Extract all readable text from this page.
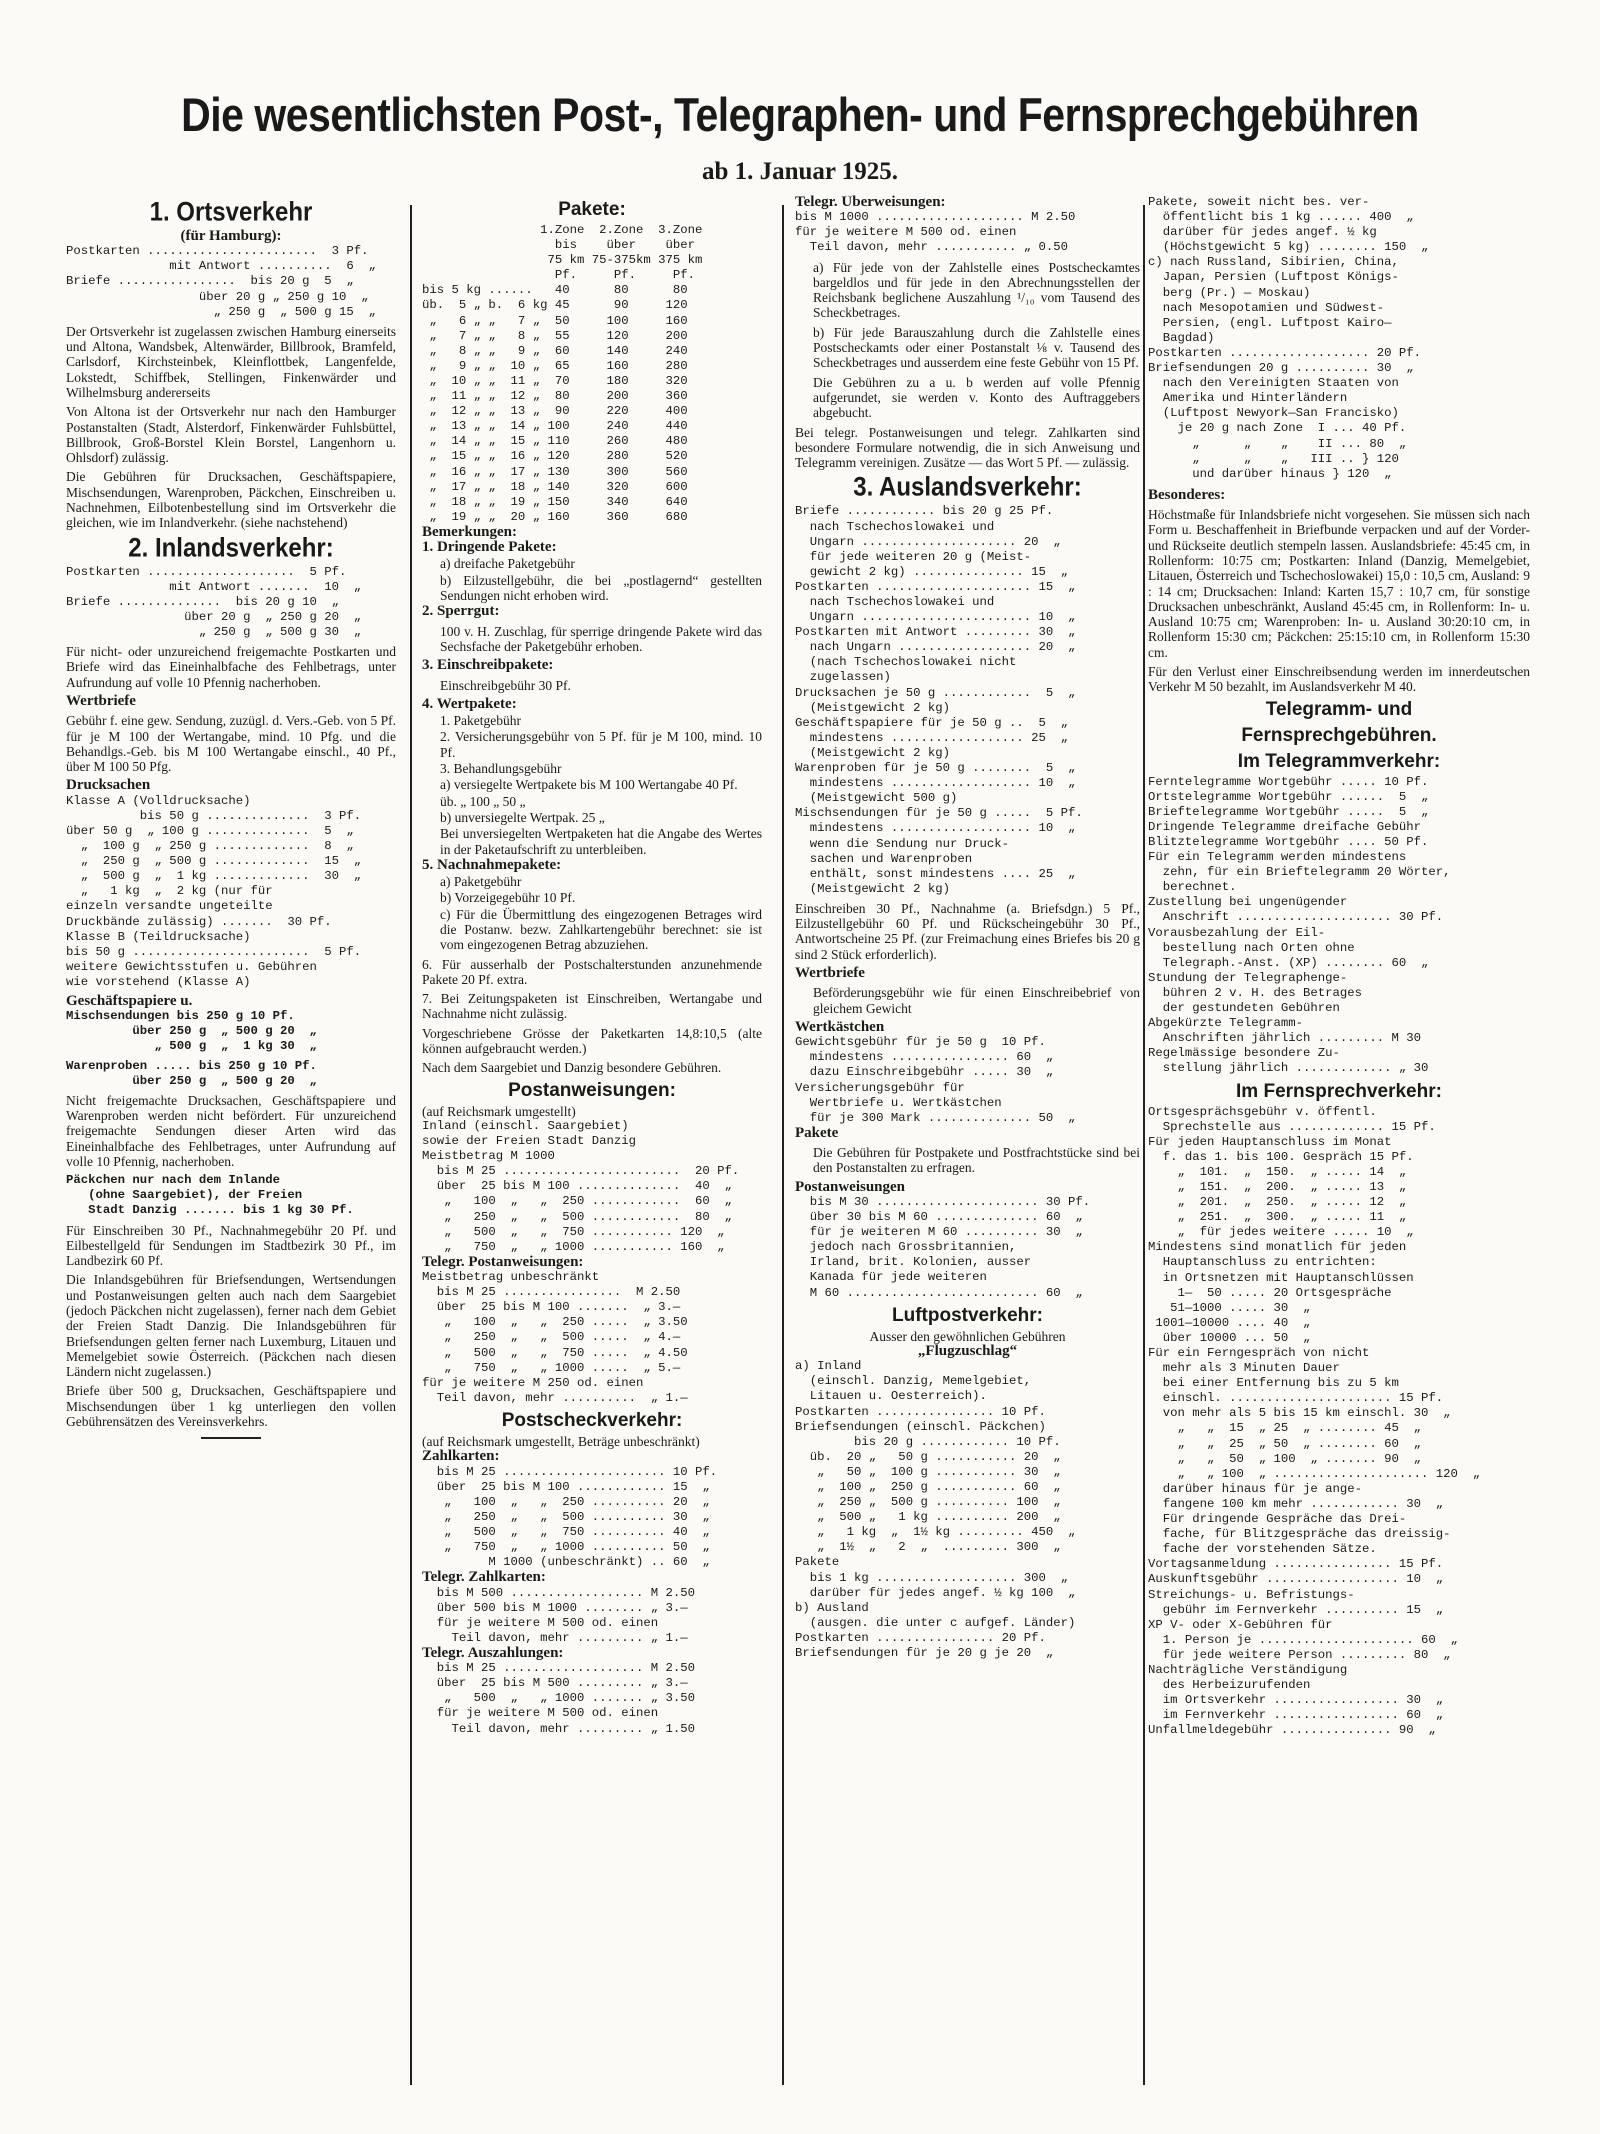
Die wesentlichsten Post-, Telegraphen- und Fernsprechgebühren
ab 1. Januar 1925.
1. Ortsverkehr
(für Hamburg):
Postkarten .......................  3 Pf.
mit Antwort ..........  6  „
Briefe ................  bis 20 g  5  „
über 20 g „ 250 g 10  „
„ 250 g  „ 500 g 15  „
Der Ortsverkehr ist zugelassen zwischen Hamburg einerseits und Altona, Wandsbek, Altenwärder, Billbrook, Bramfeld, Carlsdorf, Kirchsteinbek, Kleinflottbek, Langenfelde, Lokstedt, Schiffbek, Stellingen, Finkenwärder und Wilhelmsburg andererseits
Von Altona ist der Ortsverkehr nur nach den Hamburger Postanstalten (Stadt, Alsterdorf, Finkenwärder Fuhlsbüttel, Billbrook, Groß-Borstel Klein Borstel, Langenhorn u. Ohlsdorf) zulässig.
Die Gebühren für Drucksachen, Geschäftspapiere, Mischsendungen, Warenproben, Päckchen, Einschreiben u. Nachnehmen, Eilbotenbestellung sind im Ortsverkehr die gleichen, wie im Inlandverkehr. (siehe nachstehend)
2. Inlandsverkehr:
Postkarten ....................  5 Pf.
mit Antwort .......  10  „
Briefe ..............  bis 20 g 10  „
über 20 g  „ 250 g 20  „
„ 250 g  „ 500 g 30  „
Für nicht- oder unzureichend freigemachte Postkarten und Briefe wird das Eineinhalbfache des Fehlbetrags, unter Aufrundung auf volle 10 Pfennig nacherhoben.
Wertbriefe
Gebühr f. eine gew. Sendung, zuzügl. d. Vers.-Geb. von 5 Pf. für je M 100 der Wertangabe, mind. 10 Pfg. und die Behandlgs.-Geb. bis M 100 Wertangabe einschl., 40 Pf., über M 100 50 Pfg.
Drucksachen
Klasse A (Volldrucksache)
bis 50 g ..............  3 Pf.
über 50 g  „ 100 g ..............  5  „
„  100 g  „ 250 g .............  8  „
„  250 g  „ 500 g .............  15  „
„  500 g  „  1 kg .............  30  „
„   1 kg  „  2 kg (nur für
einzeln versandte ungeteilte
Druckbände zulässig) .......  30 Pf.
Klasse B (Teildrucksache)
bis 50 g ........................  5 Pf.
weitere Gewichtsstufen u. Gebühren
wie vorstehend (Klasse A)
Geschäftspapiere u.
Mischsendungen bis 250 g 10 Pf.
über 250 g  „ 500 g 20  „
„ 500 g  „  1 kg 30  „
Warenproben ..... bis 250 g 10 Pf.
über 250 g  „ 500 g 20  „
Nicht freigemachte Drucksachen, Geschäftspapiere und Warenproben werden nicht befördert. Für unzureichend freigemachte Sendungen dieser Arten wird das Eineinhalbfache des Fehlbetrages, unter Aufrundung auf volle 10 Pfennig, nacherhoben.
Päckchen nur nach dem Inlande
(ohne Saargebiet), der Freien
Stadt Danzig ....... bis 1 kg 30 Pf.
Für Einschreiben 30 Pf., Nachnahmegebühr 20 Pf. und Eilbestellgeld für Sendungen im Stadtbezirk 30 Pf., im Landbezirk 60 Pf.
Die Inlandsgebühren für Briefsendungen, Wertsendungen und Postanweisungen gelten auch nach dem Saargebiet (jedoch Päckchen nicht zugelassen), ferner nach dem Gebiet der Freien Stadt Danzig. Die Inlandsgebühren für Briefsendungen gelten ferner nach Luxemburg, Litauen und Memelgebiet sowie Österreich. (Päckchen nach diesen Ländern nicht zugelassen.)
Briefe über 500 g, Drucksachen, Geschäftspapiere und Mischsendungen über 1 kg unterliegen den vollen Gebührensätzen des Vereinsverkehrs.
Pakete:
1.Zone  2.Zone  3.Zone
bis    über    über
75 km 75-375km 375 km
Pf.     Pf.     Pf.
bis 5 kg ......   40      80      80
üb.  5 „ b.  6 kg 45      90     120
„   6 „ „   7 „  50     100     160
„   7 „ „   8 „  55     120     200
„   8 „ „   9 „  60     140     240
„   9 „ „  10 „  65     160     280
„  10 „ „  11 „  70     180     320
„  11 „ „  12 „  80     200     360
„  12 „ „  13 „  90     220     400
„  13 „ „  14 „ 100     240     440
„  14 „ „  15 „ 110     260     480
„  15 „ „  16 „ 120     280     520
„  16 „ „  17 „ 130     300     560
„  17 „ „  18 „ 140     320     600
„  18 „ „  19 „ 150     340     640
„  19 „ „  20 „ 160     360     680
Bemerkungen:
1. Dringende Pakete:
a) dreifache Paketgebühr
b) Eilzustellgebühr, die bei „postlagernd“ gestellten Sendungen nicht erhoben wird.
2. Sperrgut:
100 v. H. Zuschlag, für sperrige dringende Pakete wird das Sechsfache der Paketgebühr erhoben.
3. Einschreibpakete:
Einschreibgebühr 30 Pf.
4. Wertpakete:
1. Paketgebühr
2. Versicherungsgebühr von 5 Pf. für je M 100, mind. 10 Pf.
3. Behandlungsgebühr
a) versiegelte Wertpakete bis M 100 Wertangabe 40 Pf.
üb. „ 100 „ 50 „
b) unversiegelte Wertpak. 25 „
Bei unversiegelten Wertpaketen hat die Angabe des Wertes in der Paketaufschrift zu unterbleiben.
5. Nachnahmepakete:
a) Paketgebühr
b) Vorzeigegebühr 10 Pf.
c) Für die Übermittlung des eingezogenen Betrages wird die Postanw. bezw. Zahlkartengebühr berechnet: sie ist vom eingezogenen Betrag abzuziehen.
6. Für ausserhalb der Postschalterstunden anzunehmende Pakete 20 Pf. extra.
7. Bei Zeitungspaketen ist Einschreiben, Wertangabe und Nachnahme nicht zulässig.
Vorgeschriebene Grösse der Paketkarten 14,8:10,5 (alte können aufgebraucht werden.)
Nach dem Saargebiet und Danzig besondere Gebühren.
Postanweisungen:
(auf Reichsmark umgestellt)
Inland (einschl. Saargebiet)
sowie der Freien Stadt Danzig
Meistbetrag M 1000
bis M 25 ........................  20 Pf.
über  25 bis M 100 ..............  40  „
„   100  „   „  250 ............  60  „
„   250  „   „  500 ............  80  „
„   500  „   „  750 ........... 120  „
„   750  „   „ 1000 ........... 160  „
Telegr. Postanweisungen:
Meistbetrag unbeschränkt
bis M 25 ................  M 2.50
über  25 bis M 100 .......  „ 3.—
„   100  „   „  250 .....  „ 3.50
„   250  „   „  500 .....  „ 4.—
„   500  „   „  750 .....  „ 4.50
„   750  „   „ 1000 .....  „ 5.—
für je weitere M 250 od. einen
Teil davon, mehr ..........  „ 1.—
Postscheckverkehr:
(auf Reichsmark umgestellt, Beträge unbeschränkt)
Zahlkarten:
bis M 25 ...................... 10 Pf.
über  25 bis M 100 ............ 15  „
„   100  „   „  250 .......... 20  „
„   250  „   „  500 .......... 30  „
„   500  „   „  750 .......... 40  „
„   750  „   „ 1000 .......... 50  „
M 1000 (unbeschränkt) .. 60  „
Telegr. Zahlkarten:
bis M 500 .................. M 2.50
über 500 bis M 1000 ........ „ 3.—
für je weitere M 500 od. einen
Teil davon, mehr ......... „ 1.—
Telegr. Auszahlungen:
bis M 25 ................... M 2.50
über  25 bis M 500 ......... „ 3.—
„   500  „   „ 1000 ....... „ 3.50
für je weitere M 500 od. einen
Teil davon, mehr ......... „ 1.50
Telegr. Überweisungen:
bis M 1000 .................... M 2.50
für je weitere M 500 od. einen
Teil davon, mehr ........... „ 0.50
a) Für jede von der Zahlstelle eines Postscheckamtes bargeldlos und für jede in den Abrechnungsstellen der Reichsbank beglichene Auszahlung ¹/₁₀ vom Tausend des Scheckbetrages.
b) Für jede Barauszahlung durch die Zahlstelle eines Postscheckamts oder einer Postanstalt ⅛ v. Tausend des Scheckbetrages und ausserdem eine feste Gebühr von 15 Pf.
Die Gebühren zu a u. b werden auf volle Pfennig aufgerundet, sie werden v. Konto des Auftraggebers abgebucht.
Bei telegr. Postanweisungen und telegr. Zahlkarten sind besondere Formulare notwendig, die in sich Anweisung und Telegramm vereinigen. Zusätze — das Wort 5 Pf. — zulässig.
3. Auslandsverkehr:
Briefe ............ bis 20 g 25 Pf.
nach Tschechoslowakei und
Ungarn ..................... 20  „
für jede weiteren 20 g (Meist-
gewicht 2 kg) ............... 15  „
Postkarten ..................... 15  „
nach Tschechoslowakei und
Ungarn ....................... 10  „
Postkarten mit Antwort ......... 30  „
nach Ungarn .................. 20  „
(nach Tschechoslowakei nicht
zugelassen)
Drucksachen je 50 g ............  5  „
(Meistgewicht 2 kg)
Geschäftspapiere für je 50 g ..  5  „
mindestens .................. 25  „
(Meistgewicht 2 kg)
Warenproben für je 50 g ........  5  „
mindestens ................... 10  „
(Meistgewicht 500 g)
Mischsendungen für je 50 g .....  5 Pf.
mindestens ................... 10  „
wenn die Sendung nur Druck-
sachen und Warenproben
enthält, sonst mindestens .... 25  „
(Meistgewicht 2 kg)
Einschreiben 30 Pf., Nachnahme (a. Briefsdgn.) 5 Pf., Eilzustellgebühr 60 Pf. und Rückscheingebühr 30 Pf., Antwortscheine 25 Pf. (zur Freimachung eines Briefes bis 20 g sind 2 Stück erforderlich).
Wertbriefe
Beförderungsgebühr wie für einen Einschreibebrief von gleichem Gewicht
Wertkästchen
Gewichtsgebühr für je 50 g  10 Pf.
mindestens ................ 60  „
dazu Einschreibgebühr ..... 30  „
Versicherungsgebühr für
Wertbriefe u. Wertkästchen
für je 300 Mark .............. 50  „
Pakete
Die Gebühren für Postpakete und Postfrachtstücke sind bei den Postanstalten zu erfragen.
Postanweisungen
bis M 30 ...................... 30 Pf.
über 30 bis M 60 .............. 60  „
für je weiteren M 60 .......... 30  „
jedoch nach Grossbritannien,
Irland, brit. Kolonien, ausser
Kanada für jede weiteren
M 60 .......................... 60  „
Luftpostverkehr:
Ausser den gewöhnlichen Gebühren
„Flugzuschlag“
a) Inland
(einschl. Danzig, Memelgebiet,
Litauen u. Oesterreich).
Postkarten ................ 10 Pf.
Briefsendungen (einschl. Päckchen)
bis 20 g ............ 10 Pf.
üb.  20 „   50 g ........... 20  „
„   50 „  100 g ........... 30  „
„  100 „  250 g ........... 60  „
„  250 „  500 g .......... 100  „
„  500 „   1 kg .......... 200  „
„   1 kg  „  1½ kg ......... 450  „
„  1½  „   2  „  ......... 300  „
Pakete
bis 1 kg ................... 300  „
darüber für jedes angef. ½ kg 100  „
b) Ausland
(ausgen. die unter c aufgef. Länder)
Postkarten ................ 20 Pf.
Briefsendungen für je 20 g je 20  „
Pakete, soweit nicht bes. ver-
öffentlicht bis 1 kg ...... 400  „
darüber für jedes angef. ½ kg
(Höchstgewicht 5 kg) ........ 150  „
c) nach Russland, Sibirien, China,
Japan, Persien (Luftpost Königs-
berg (Pr.) — Moskau)
nach Mesopotamien und Südwest-
Persien, (engl. Luftpost Kairo—
Bagdad)
Postkarten ................... 20 Pf.
Briefsendungen 20 g .......... 30  „
nach den Vereinigten Staaten von
Amerika und Hinterländern
(Luftpost Newyork—San Francisko)
je 20 g nach Zone  I ... 40 Pf.
„      „    „    II ... 80  „
„      „    „   III .. } 120
und darüber hinaus } 120  „
Besonderes:
Höchstmaße für Inlandsbriefe nicht vorgesehen. Sie müssen sich nach Form u. Beschaffenheit in Briefbunde verpacken und auf der Vorder- und Rückseite deutlich stempeln lassen. Auslandsbriefe: 45:45 cm, in Rollenform: 10:75 cm; Postkarten: Inland (Danzig, Memelgebiet, Litauen, Österreich und Tschechoslowakei) 15,0 : 10,5 cm, Ausland: 9 : 14 cm; Drucksachen: Inland: Karten 15,7 : 10,7 cm, für sonstige Drucksachen unbeschränkt, Ausland 45:45 cm, in Rollenform: In- u. Ausland 10:75 cm; Warenproben: In- u. Ausland 30:20:10 cm, in Rollenform 15:30 cm; Päckchen: 25:15:10 cm, in Rollenform 15:30 cm.
Für den Verlust einer Einschreibsendung werden im innerdeutschen Verkehr M 50 bezahlt, im Auslandsverkehr M 40.
Telegramm- und
Fernsprechgebühren.
Im Telegrammverkehr:
Ferntelegramme Wortgebühr ..... 10 Pf.
Ortstelegramme Wortgebühr ......  5  „
Brieftelegramme Wortgebühr .....  5  „
Dringende Telegramme dreifache Gebühr
Blitztelegramme Wortgebühr .... 50 Pf.
Für ein Telegramm werden mindestens
zehn, für ein Brieftelegramm 20 Wörter,
berechnet.
Zustellung bei ungenügender
Anschrift ..................... 30 Pf.
Vorausbezahlung der Eil-
bestellung nach Orten ohne
Telegraph.-Anst. (XP) ........ 60  „
Stundung der Telegraphenge-
bühren 2 v. H. des Betrages
der gestundeten Gebühren
Abgekürzte Telegramm-
Anschriften jährlich ......... M 30
Regelmässige besondere Zu-
stellung jährlich ............. „ 30
Im Fernsprechverkehr:
Ortsgesprächsgebühr v. öffentl.
Sprechstelle aus ............. 15 Pf.
Für jeden Hauptanschluss im Monat
f. das 1. bis 100. Gespräch 15 Pf.
„  101.  „  150.  „ ..... 14  „
„  151.  „  200.  „ ..... 13  „
„  201.  „  250.  „ ..... 12  „
„  251.  „  300.  „ ..... 11  „
„  für jedes weitere ..... 10  „
Mindestens sind monatlich für jeden
Hauptanschluss zu entrichten:
in Ortsnetzen mit Hauptanschlüssen
1—  50 ..... 20 Ortsgespräche
51—1000 ..... 30  „
1001—10000 .... 40  „
über 10000 ... 50  „
Für ein Ferngespräch von nicht
mehr als 3 Minuten Dauer
bei einer Entfernung bis zu 5 km
einschl. ...................... 15 Pf.
von mehr als 5 bis 15 km einschl. 30  „
„   „  15  „ 25  „ ........ 45  „
„   „  25  „ 50  „ ........ 60  „
„   „  50  „ 100  „ ....... 90  „
„   „ 100  „ ..................... 120  „
darüber hinaus für je ange-
fangene 100 km mehr ............ 30  „
Für dringende Gespräche das Drei-
fache, für Blitzgespräche das dreissig-
fache der vorstehenden Sätze.
Vortagsanmeldung ................ 15 Pf.
Auskunftsgebühr .................. 10  „
Streichungs- u. Befristungs-
gebühr im Fernverkehr .......... 15  „
XP V- oder X-Gebühren für
1. Person je ..................... 60  „
für jede weitere Person ......... 80  „
Nachträgliche Verständigung
des Herbeizurufenden
im Ortsverkehr ................. 30  „
im Fernverkehr ................. 60  „
Unfallmeldegebühr ............... 90  „
